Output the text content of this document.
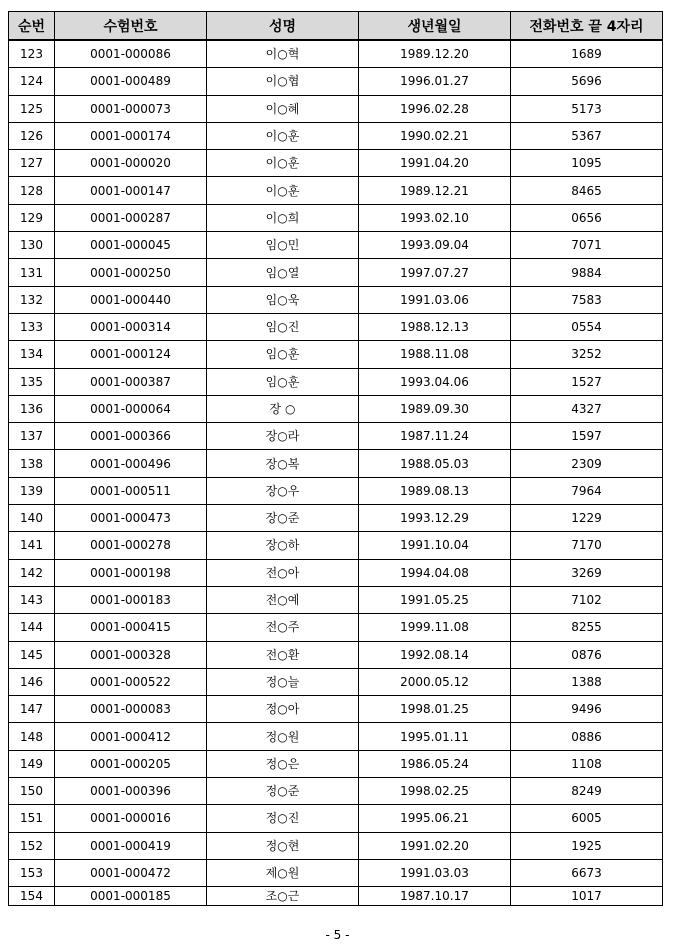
순번	수험번호	성명	생년월일	전화번호 끝 4자리
123	0001-000086	이○혁	1989.12.20	1689
124	0001-000489	이○협	1996.01.27	5696
125	0001-000073	이○혜	1996.02.28	5173
126	0001-000174	이○훈	1990.02.21	5367
127	0001-000020	이○훈	1991.04.20	1095
128	0001-000147	이○훈	1989.12.21	8465
129	0001-000287	이○희	1993.02.10	0656
130	0001-000045	임○민	1993.09.04	7071
131	0001-000250	임○열	1997.07.27	9884
132	0001-000440	임○욱	1991.03.06	7583
133	0001-000314	임○진	1988.12.13	0554
134	0001-000124	임○훈	1988.11.08	3252
135	0001-000387	임○훈	1993.04.06	1527
136	0001-000064	장 ○	1989.09.30	4327
137	0001-000366	장○라	1987.11.24	1597
138	0001-000496	장○복	1988.05.03	2309
139	0001-000511	장○우	1989.08.13	7964
140	0001-000473	장○준	1993.12.29	1229
141	0001-000278	장○하	1991.10.04	7170
142	0001-000198	전○아	1994.04.08	3269
143	0001-000183	전○예	1991.05.25	7102
144	0001-000415	전○주	1999.11.08	8255
145	0001-000328	전○환	1992.08.14	0876
146	0001-000522	정○늘	2000.05.12	1388
147	0001-000083	정○아	1998.01.25	9496
148	0001-000412	정○원	1995.01.11	0886
149	0001-000205	정○은	1986.05.24	1108
150	0001-000396	정○준	1998.02.25	8249
151	0001-000016	정○진	1995.06.21	6005
152	0001-000419	정○현	1991.02.20	1925
153	0001-000472	제○원	1991.03.03	6673
154	0001-000185	조○근	1987.10.17	1017
- 5 -
